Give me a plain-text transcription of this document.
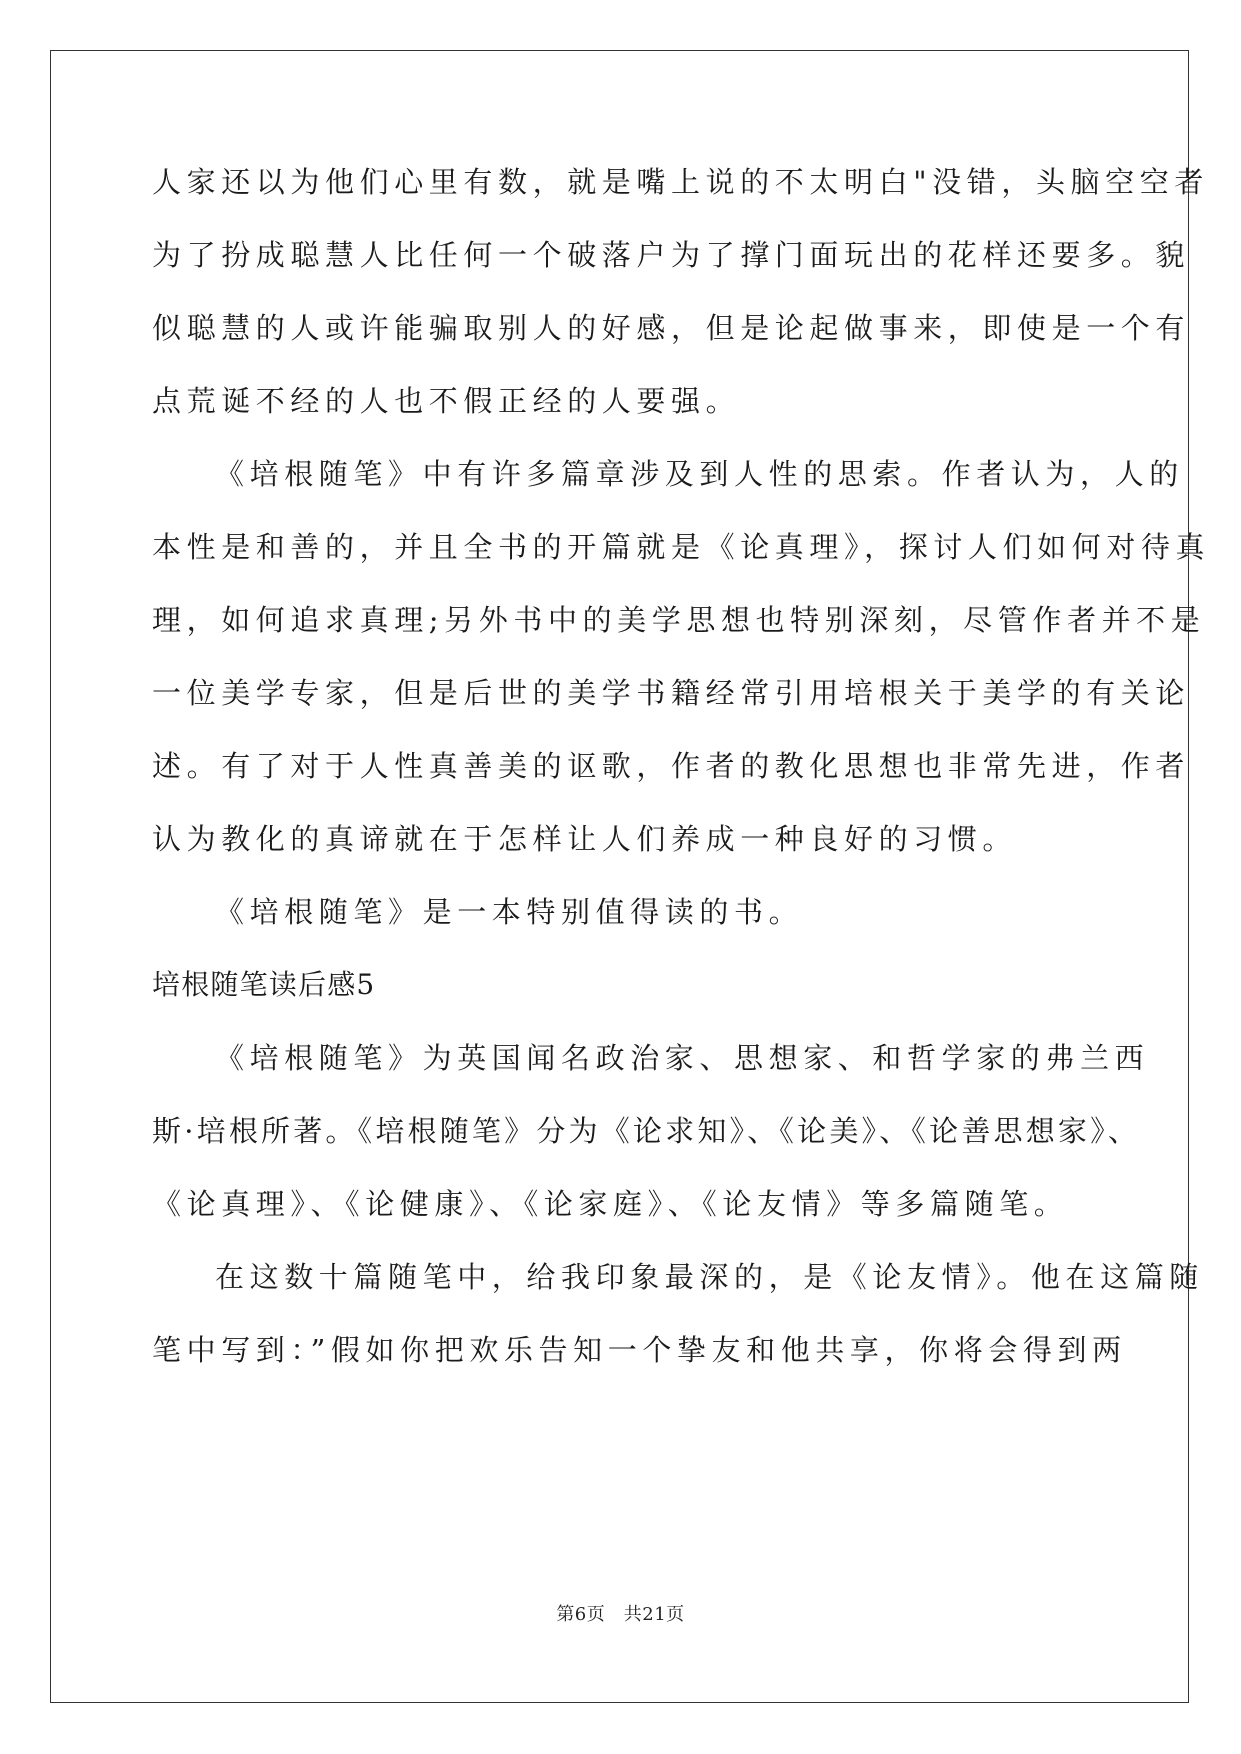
人家还以为他们心里有数，就是嘴上说的不太明白"没错，头脑空空者
为了扮成聪慧人比任何一个破落户为了撑门面玩出的花样还要多。貌
似聪慧的人或许能骗取别人的好感，但是论起做事来，即使是一个有
点荒诞不经的人也不假正经的人要强。
《培根随笔》中有许多篇章涉及到人性的思索。作者认为，人的
本性是和善的，并且全书的开篇就是《论真理》，探讨人们如何对待真
理，如何追求真理;另外书中的美学思想也特别深刻，尽管作者并不是
一位美学专家，但是后世的美学书籍经常引用培根关于美学的有关论
述。有了对于人性真善美的讴歌，作者的教化思想也非常先进，作者
认为教化的真谛就在于怎样让人们养成一种良好的习惯。
《培根随笔》是一本特别值得读的书。
培根随笔读后感5
《培根随笔》为英国闻名政治家、思想家、和哲学家的弗兰西
斯·培根所著。《培根随笔》分为《论求知》、《论美》、《论善思想家》、
《论真理》、《论健康》、《论家庭》、《论友情》等多篇随笔。
在这数十篇随笔中，给我印象最深的，是《论友情》。他在这篇随
笔中写到：”假如你把欢乐告知一个挚友和他共享，你将会得到两
第6页　共21页
